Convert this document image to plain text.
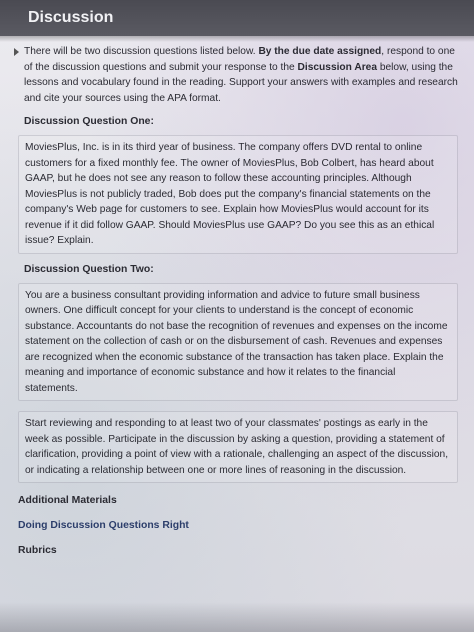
Discussion

There will be two discussion questions listed below. By the due date assigned, respond to one of the discussion questions and submit your response to the Discussion Area below, using the lessons and vocabulary found in the reading. Support your answers with examples and research and cite your sources using the APA format.

Discussion Question One:

MoviesPlus, Inc. is in its third year of business. The company offers DVD rental to online customers for a fixed monthly fee. The owner of MoviesPlus, Bob Colbert, has heard about GAAP, but he does not see any reason to follow these accounting principles. Although MoviesPlus is not publicly traded, Bob does put the company's financial statements on the company's Web page for customers to see. Explain how MoviesPlus would account for its revenue if it did follow GAAP. Should MoviesPlus use GAAP? Do you see this as an ethical issue? Explain.

Discussion Question Two:

You are a business consultant providing information and advice to future small business owners. One difficult concept for your clients to understand is the concept of economic substance. Accountants do not base the recognition of revenues and expenses on the income statement on the collection of cash or on the disbursement of cash. Revenues and expenses are recognized when the economic substance of the transaction has taken place. Explain the meaning and importance of economic substance and how it relates to the financial statements.
Start reviewing and responding to at least two of your classmates' postings as early in the week as possible. Participate in the discussion by asking a question, providing a statement of clarification, providing a point of view with a rationale, challenging an aspect of the discussion, or indicating a relationship between one or more lines of reasoning in the discussion.
Additional Materials
Doing Discussion Questions Right
Rubrics
